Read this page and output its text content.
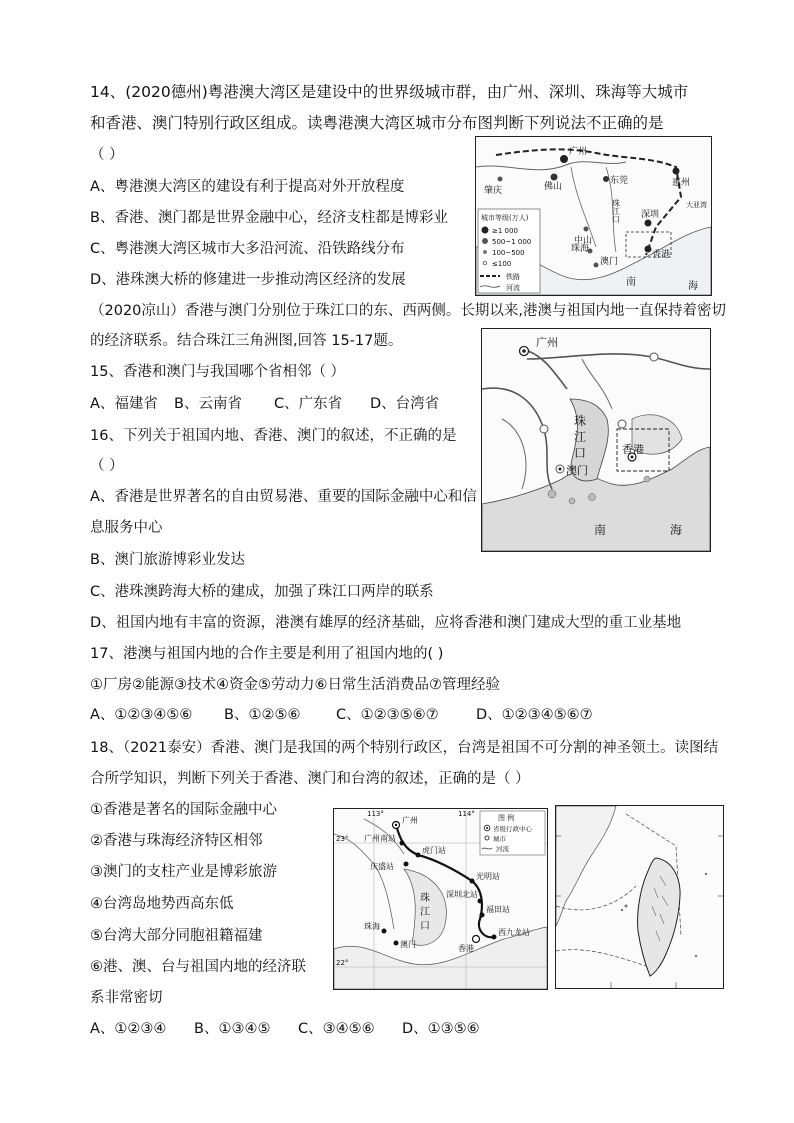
14、(2020德州)粤港澳大湾区是建设中的世界级城市群，由广州、深圳、珠海等大城市
和香港、澳门特别行政区组成。读粤港澳大湾区城市分布图判断下列说法不正确的是
（ ）
A、粤港澳大湾区的建设有利于提高对外开放程度
B、香港、澳门都是世界金融中心，经济支柱都是博彩业
C、粤港澳大湾区城市大多沿河流、沿铁路线分布
D、港珠澳大桥的修建进一步推动湾区经济的发展
广州
佛山
肇庆
东莞	惠州
中山
珠海
澳门
深圳
香港
珠江口
南	海
大亚湾
城市等级(万人)
≥1 000
500~1 000
100~500
≤100
铁路
河流
（2020凉山）香港与澳门分别位于珠江口的东、西两侧。长期以来,港澳与祖国内地一直保持着密切
的经济联系。结合珠江三角洲图,回答 15-17题。	广州
珠
江
口
澳门
香港
南	海
15、香港和澳门与我国哪个省相邻（ ）
A、福建省 B、云南省 C、广东省 D、台湾省
16、下列关于祖国内地、香港、澳门的叙述，不正确的是
（ ）
A、香港是世界著名的自由贸易港、重要的国际金融中心和信
息服务中心
B、澳门旅游博彩业发达
C、港珠澳跨海大桥的建成，加强了珠江口两岸的联系
D、祖国内地有丰富的资源，港澳有雄厚的经济基础，应将香港和澳门建成大型的重工业基地
17、港澳与祖国内地的合作主要是利用了祖国内地的( )
①厂房②能源③技术④资金⑤劳动力⑥日常生活消费品⑦管理经验
A、①②③④⑤⑥ B、①②⑤⑥ C、①②③⑤⑥⑦	D、①②③④⑤⑥⑦
18、（2021泰安）香港、澳门是我国的两个特别行政区，台湾是祖国不可分割的神圣领土。读图结
合所学知识，判断下列关于香港、澳门和台湾的叙述，正确的是（ ）
①香港是著名的国际金融中心
②香港与珠海经济特区相邻
③澳门的支柱产业是博彩旅游
④台湾岛地势西高东低
⑤台湾大部分同胞祖籍福建
⑥港、澳、台与祖国内地的经济联
系非常密切
A、①②③④ B、①③④⑤ C、③④⑤⑥ D、①③⑤⑥
广州
广州南站
虎门站
庆盛站
光明站
深圳北站
福田站
西九龙站
香港
珠海
澳门
珠
江
口
113°	114°
23°
22°
图 例
省级行政中心
城市
河流
